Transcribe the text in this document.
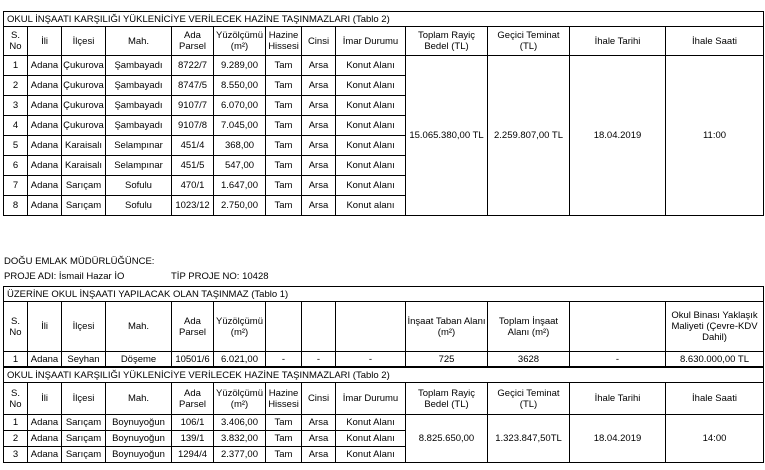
OKUL İNŞAATI KARŞILIĞI YÜKLENİCİYE VERİLECEK HAZİNE TAŞINMAZLARI (Tablo 2)												
S. No	İli	İlçesi	Mah.	Ada Parsel	Yüzölçümü (m²)	Hazine Hissesi	Cinsi	İmar Durumu	Toplam Rayiç Bedel (TL)	Geçici Teminat (TL)	İhale Tarihi	İhale Saati
1	Adana	Çukurova	Şambayadı	8722/7	9.289,00	Tam	Arsa	Konut Alanı	15.065.380,00 TL	2.259.807,00 TL	18.04.2019	11:00
2	Adana	Çukurova	Şambayadı	8747/5	8.550,00	Tam	Arsa	Konut Alanı				
3	Adana	Çukurova	Şambayadı	9107/7	6.070,00	Tam	Arsa	Konut Alanı				
4	Adana	Çukurova	Şambayadı	9107/8	7.045,00	Tam	Arsa	Konut Alanı				
5	Adana	Karaisalı	Selampınar	451/4	368,00	Tam	Arsa	Konut Alanı				
6	Adana	Karaisalı	Selampınar	451/5	547,00	Tam	Arsa	Konut Alanı				
7	Adana	Sarıçam	Sofulu	470/1	1.647,00	Tam	Arsa	Konut Alanı				
8	Adana	Sarıçam	Sofulu	1023/12	2.750,00	Tam	Arsa	Konut alanı				
DOĞU EMLAK MÜDÜRLÜĞÜNCE:
PROJE ADI: İsmail Hazar İO	TİP PROJE NO: 10428
ÜZERİNE OKUL İNŞAATI YAPILACAK OLAN TAŞINMAZ (Tablo 1)												
S. No	İli	İlçesi	Mah.	Ada Parsel	Yüzölçümü (m²)				İnşaat Taban Alanı (m²)	Toplam İnşaat Alanı (m²)		Okul Binası Yaklaşık Maliyeti (Çevre-KDV Dahil)
1	Adana	Seyhan	Döşeme	10501/6	6.021,00	-	-	-	725	3628	-	8.630.000,00 TL
OKUL İNŞAATI KARŞILIĞI YÜKLENİCİYE VERİLECEK HAZİNE TAŞINMAZLARI (Tablo 2)												
S. No	İli	İlçesi	Mah.	Ada Parsel	Yüzölçümü (m²)	Hazine Hissesi	Cinsi	İmar Durumu	Toplam Rayiç Bedel (TL)	Geçici Teminat (TL)	İhale Tarihi	İhale Saati
1	Adana	Sarıçam	Boynuyoğun	106/1	3.406,00	Tam	Arsa	Konut Alanı	8.825.650,00	1.323.847,50TL	18.04.2019	14:00
2	Adana	Sarıçam	Boynuyoğun	139/1	3.832,00	Tam	Arsa	Konut Alanı				
3	Adana	Sarıçam	Boynuyoğun	1294/4	2.377,00	Tam	Arsa	Konut Alanı				
